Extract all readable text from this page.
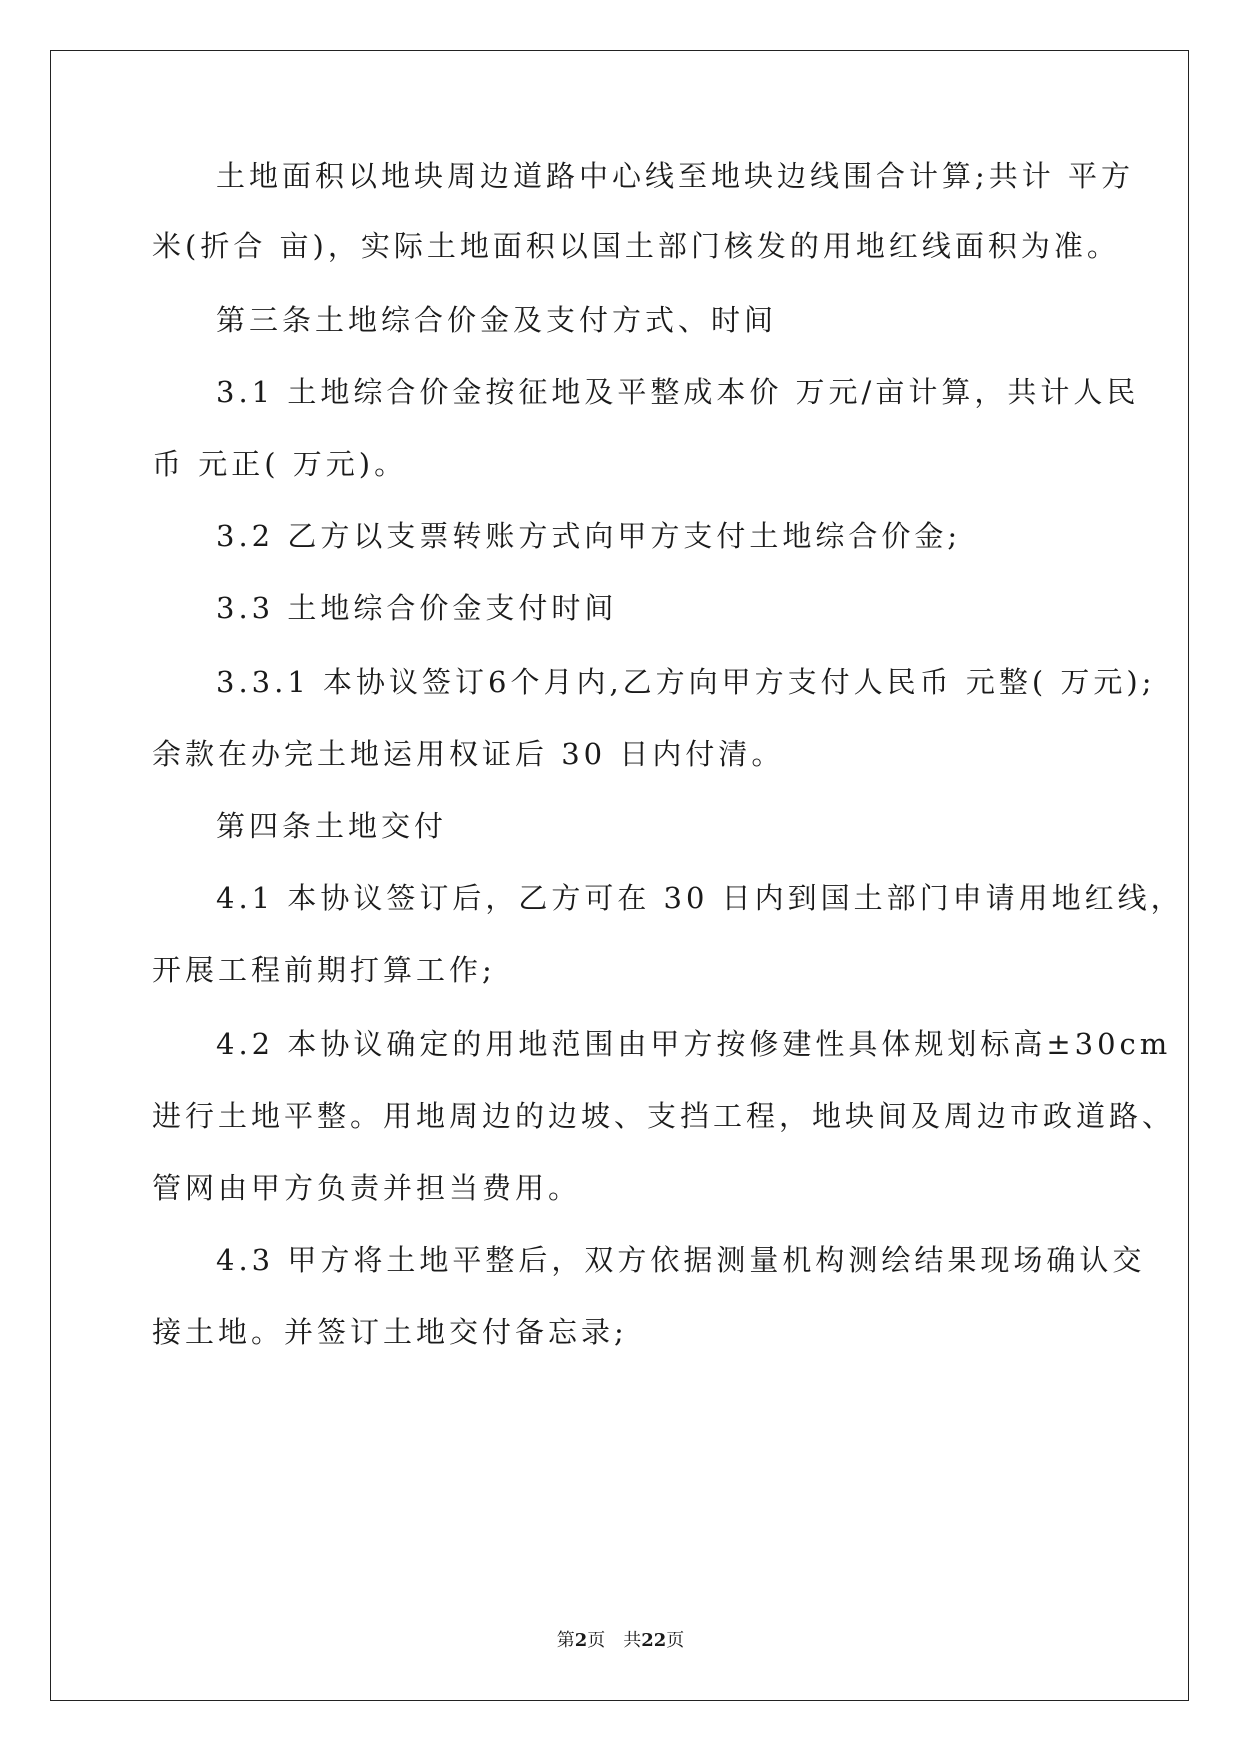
土地面积以地块周边道路中心线至地块边线围合计算;共计 平方
米(折合 亩)，实际土地面积以国土部门核发的用地红线面积为准。
第三条土地综合价金及支付方式、时间
3.1 土地综合价金按征地及平整成本价 万元/亩计算，共计人民
币 元正( 万元)。
3.2 乙方以支票转账方式向甲方支付土地综合价金;
3.3 土地综合价金支付时间
3.3.1 本协议签订6个月内,乙方向甲方支付人民币 元整( 万元);
余款在办完土地运用权证后 30 日内付清。
第四条土地交付
4.1 本协议签订后，乙方可在 30 日内到国土部门申请用地红线，
开展工程前期打算工作;
4.2 本协议确定的用地范围由甲方按修建性具体规划标高±30cm
进行土地平整。用地周边的边坡、支挡工程，地块间及周边市政道路、
管网由甲方负责并担当费用。
4.3 甲方将土地平整后，双方依据测量机构测绘结果现场确认交
接土地。并签订土地交付备忘录;
第2页 共22页
